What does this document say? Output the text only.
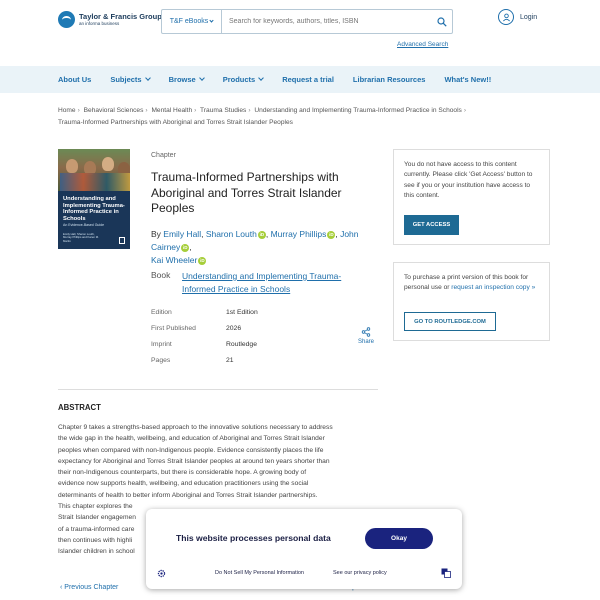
Taylor & Francis Group
an informa business	T&F eBooks
Search for keywords, authors, titles, ISBN
Advanced Search
Login
About Us	Subjects	Browse	Products	Request a trial	Librarian Resources	What's New!!
Home › Behavioral Sciences › Mental Health › Trauma Studies › Understanding and Implementing Trauma-Informed Practice in Schools ›
Trauma-Informed Partnerships with Aboriginal and Torres Strait Islander Peoples
Understanding and Implementing Trauma-Informed Practice in Schools
An Evidence-Based Guide
Emily Hall, Sharon Louth, Murray Phillips and Karen M. Martin
Chapter
Trauma-Informed Partnerships with Aboriginal and Torres Strait Islander Peoples
By Emily Hall, Sharon Louth iD , Murray Phillips iD , John Cairney iD ,
Kai Wheeler iD
Book Understanding and Implementing Trauma-Informed Practice in Schools
Edition	1st Edition
First Published	2026
Imprint	Routledge
Pages	21
Share
You do not have access to this content currently. Please click 'Get Access' button to see if you or your institution have access to this content.
GET ACCESS
To purchase a print version of this book for personal use or request an inspection copy »
GO TO ROUTLEDGE.COM
ABSTRACT
Chapter 9 takes a strengths-based approach to the innovative solutions necessary to address
the wide gap in the health, wellbeing, and education of Aboriginal and Torres Strait Islander
peoples when compared with non-Indigenous people. Evidence consistently places the life
expectancy for Aboriginal and Torres Strait Islander peoples at around ten years shorter than
their non-Indigenous counterparts, but there is considerable hope. A growing body of
evidence now supports health, wellbeing, and education practitioners using the social
determinants of health to better inform Aboriginal and Torres Strait Islander partnerships.
This chapter explores the
Strait Islander engagemen
of a trauma-informed care
then continues with highli
Islander children in school
‹ Previous Chapter
This website processes personal data	Okay
Do Not Sell My Personal Information	See our privacy policy
